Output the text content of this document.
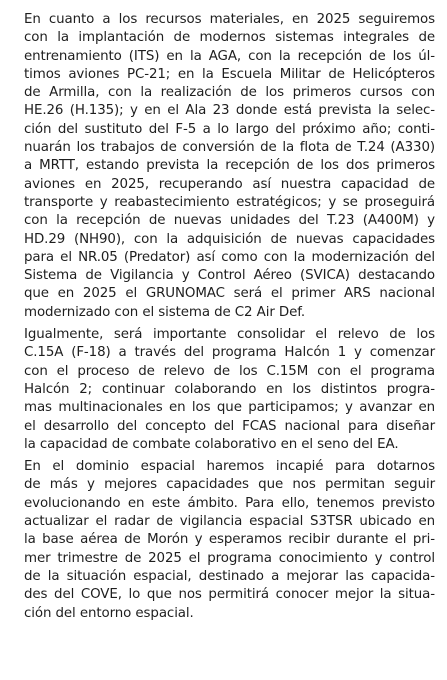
En cuanto a los recursos materiales, en 2025 seguiremos
con la implantación de modernos sistemas integrales de
entrenamiento (ITS) en la AGA, con la recepción de los úl-
timos aviones PC-21; en la Escuela Militar de Helicópteros
de Armilla, con la realización de los primeros cursos con
HE.26 (H.135); y en el Ala 23 donde está prevista la selec-
ción del sustituto del F-5 a lo largo del próximo año; conti-
nuarán los trabajos de conversión de la flota de T.24 (A330)
a MRTT, estando prevista la recepción de los dos primeros
aviones en 2025, recuperando así nuestra capacidad de
transporte y reabastecimiento estratégicos; y se proseguirá
con la recepción de nuevas unidades del T.23 (A400M) y
HD.29 (NH90), con la adquisición de nuevas capacidades
para el NR.05 (Predator) así como con la modernización del
Sistema de Vigilancia y Control Aéreo (SVICA) destacando
que en 2025 el GRUNOMAC será el primer ARS nacional
modernizado con el sistema de C2 Air Def.

Igualmente, será importante consolidar el relevo de los
C.15A (F-18) a través del programa Halcón 1 y comenzar
con el proceso de relevo de los C.15M con el programa
Halcón 2; continuar colaborando en los distintos progra-
mas multinacionales en los que participamos; y avanzar en
el desarrollo del concepto del FCAS nacional para diseñar
la capacidad de combate colaborativo en el seno del EA.

En el dominio espacial haremos incapié para dotarnos
de más y mejores capacidades que nos permitan seguir
evolucionando en este ámbito. Para ello, tenemos previsto
actualizar el radar de vigilancia espacial S3TSR ubicado en
la base aérea de Morón y esperamos recibir durante el pri-
mer trimestre de 2025 el programa conocimiento y control
de la situación espacial, destinado a mejorar las capacida-
des del COVE, lo que nos permitirá conocer mejor la situa-
ción del entorno espacial.
